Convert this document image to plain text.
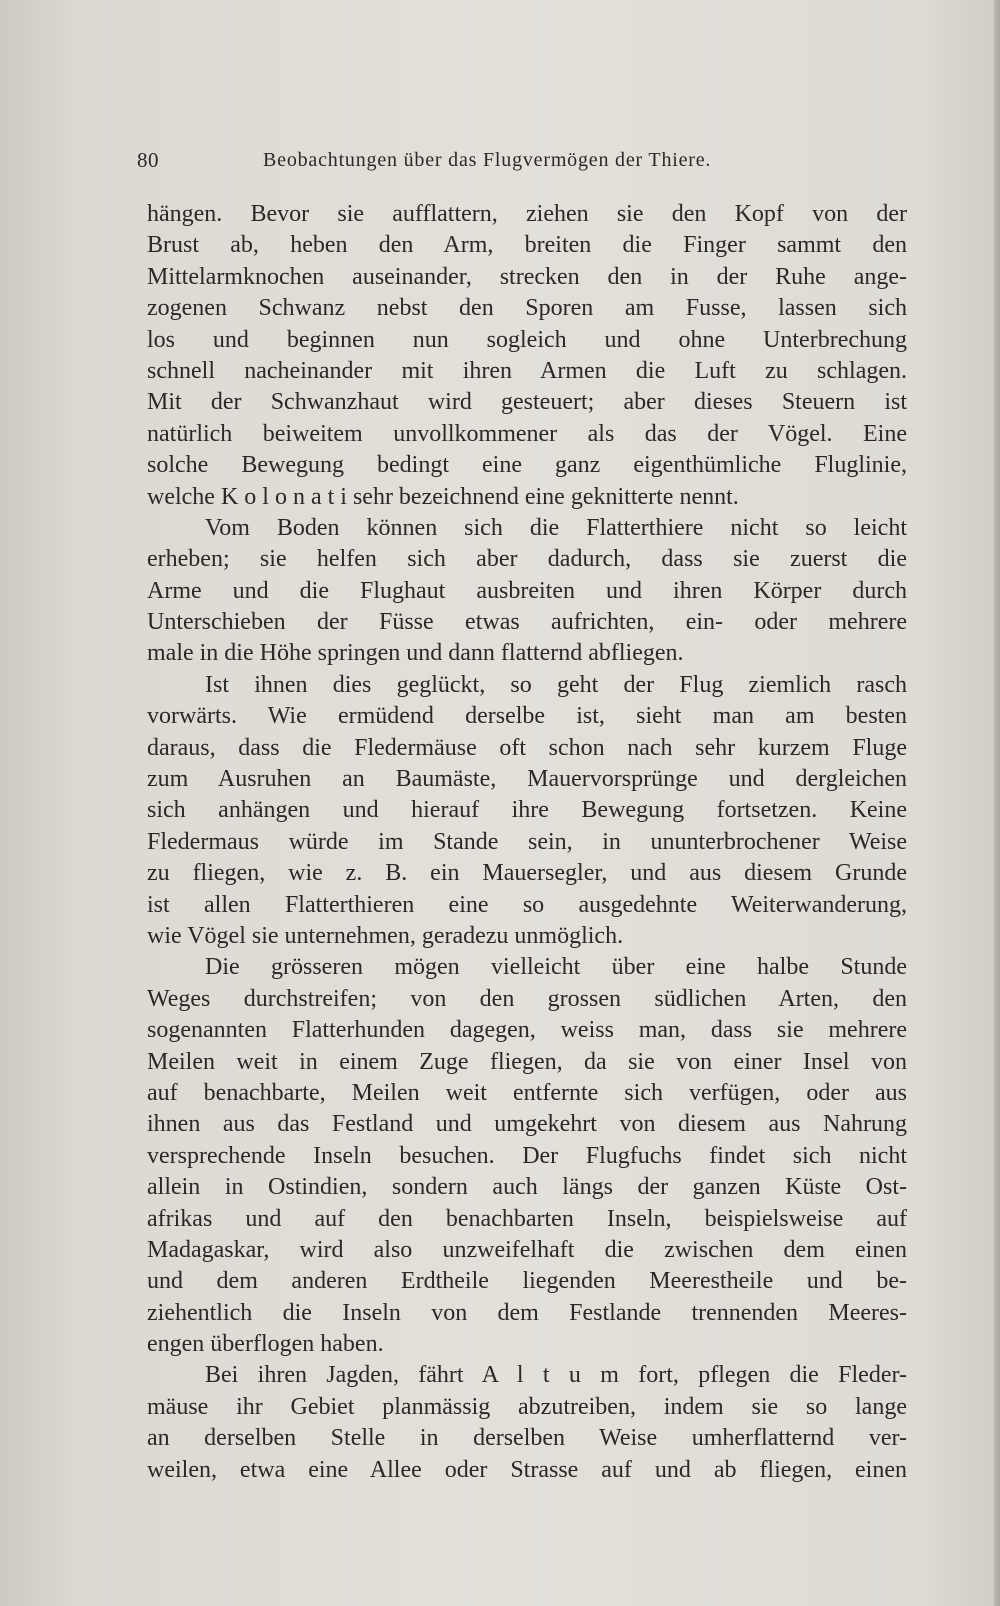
80	Beobachtungen über das Flugvermögen der Thiere.
hängen. Bevor sie aufflattern, ziehen sie den Kopf von der
Brust ab, heben den Arm, breiten die Finger sammt den
Mittelarmknochen auseinander, strecken den in der Ruhe ange-
zogenen Schwanz nebst den Sporen am Fusse, lassen sich
los und beginnen nun sogleich und ohne Unterbrechung
schnell nacheinander mit ihren Armen die Luft zu schlagen.
Mit der Schwanzhaut wird gesteuert; aber dieses Steuern ist
natürlich beiweitem unvollkommener als das der Vögel. Eine
solche Bewegung bedingt eine ganz eigenthümliche Fluglinie,
welche K o l o n a t i sehr bezeichnend eine geknitterte nennt.
Vom Boden können sich die Flatterthiere nicht so leicht
erheben; sie helfen sich aber dadurch, dass sie zuerst die
Arme und die Flughaut ausbreiten und ihren Körper durch
Unterschieben der Füsse etwas aufrichten, ein- oder mehrere
male in die Höhe springen und dann flatternd abfliegen.
Ist ihnen dies geglückt, so geht der Flug ziemlich rasch
vorwärts. Wie ermüdend derselbe ist, sieht man am besten
daraus, dass die Fledermäuse oft schon nach sehr kurzem Fluge
zum Ausruhen an Baumäste, Mauervorsprünge und dergleichen
sich anhängen und hierauf ihre Bewegung fortsetzen. Keine
Fledermaus würde im Stande sein, in ununterbrochener Weise
zu fliegen, wie z. B. ein Mauersegler, und aus diesem Grunde
ist allen Flatterthieren eine so ausgedehnte Weiterwanderung,
wie Vögel sie unternehmen, geradezu unmöglich.
Die grösseren mögen vielleicht über eine halbe Stunde
Weges durchstreifen; von den grossen südlichen Arten, den
sogenannten Flatterhunden dagegen, weiss man, dass sie mehrere
Meilen weit in einem Zuge fliegen, da sie von einer Insel von
auf benachbarte, Meilen weit entfernte sich verfügen, oder aus
ihnen aus das Festland und umgekehrt von diesem aus Nahrung
versprechende Inseln besuchen. Der Flugfuchs findet sich nicht
allein in Ostindien, sondern auch längs der ganzen Küste Ost-
afrikas und auf den benachbarten Inseln, beispielsweise auf
Madagaskar, wird also unzweifelhaft die zwischen dem einen
und dem anderen Erdtheile liegenden Meerestheile und be-
ziehentlich die Inseln von dem Festlande trennenden Meeres-
engen überflogen haben.
Bei ihren Jagden, fährt A l t u m fort, pflegen die Fleder-
mäuse ihr Gebiet planmässig abzutreiben, indem sie so lange
an derselben Stelle in derselben Weise umherflatternd ver-
weilen, etwa eine Allee oder Strasse auf und ab fliegen, einen
